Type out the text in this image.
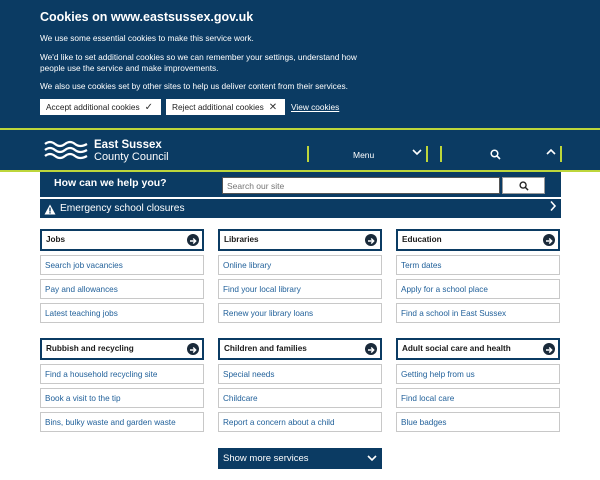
Cookies on www.eastsussex.gov.uk

We use some essential cookies to make this service work.

We'd like to set additional cookies so we can remember your settings, understand how people use the service and make improvements.

We also use cookies set by other sites to help us deliver content from their services.

Accept additional cookies ✓ Reject additional cookies ✕ View cookies
East Sussex
County Council	Menu
How can we help you?
Search our site
Emergency school closures
Jobs
Search job vacancies
Pay and allowances
Latest teaching jobs
Libraries
Online library
Find your local library
Renew your library loans
Education
Term dates
Apply for a school place
Find a school in East Sussex
Rubbish and recycling
Find a household recycling site
Book a visit to the tip
Bins, bulky waste and garden waste
Children and families
Special needs
Childcare
Report a concern about a child
Adult social care and health
Getting help from us
Find local care
Blue badges
Show more services
